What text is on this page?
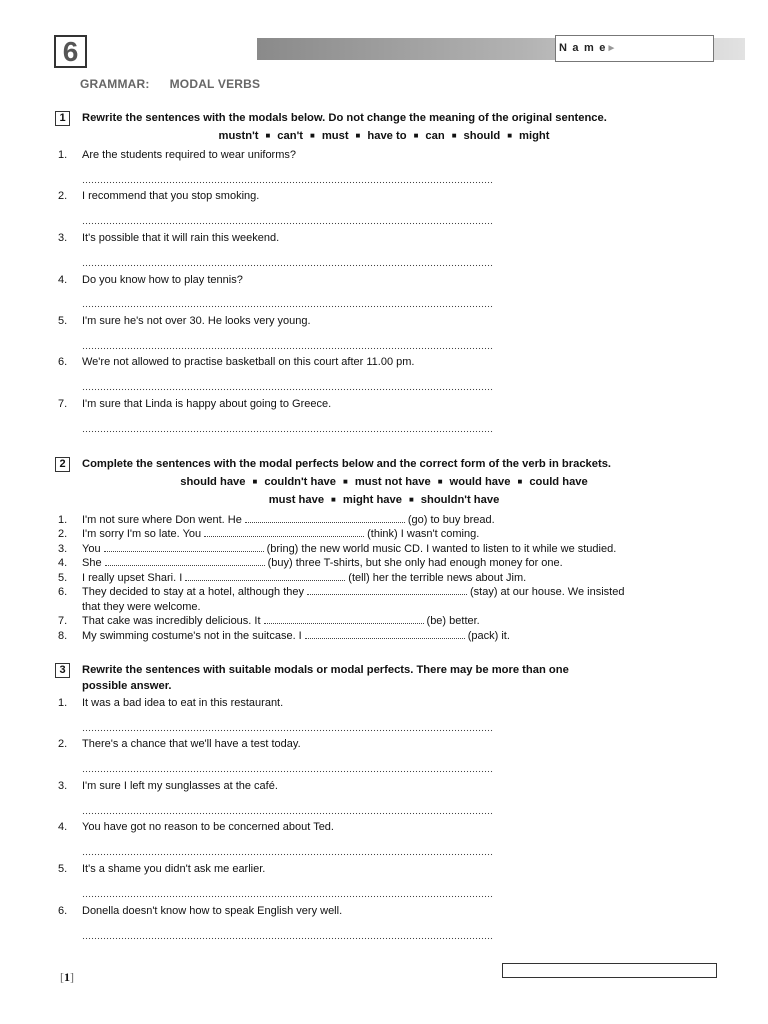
6	N a m e►
GRAMMAR: MODAL VERBS
1	Rewrite the sentences with the modals below. Do not change the meaning of the original sentence.
mustn't ■ can't ■ must ■ have to ■ can ■ should ■ might
1. Are the students required to wear uniforms?
2. I recommend that you stop smoking.
3. It's possible that it will rain this weekend.
4. Do you know how to play tennis?
5. I'm sure he's not over 30. He looks very young.
6. We're not allowed to practise basketball on this court after 11.00 pm.
7. I'm sure that Linda is happy about going to Greece.
2	Complete the sentences with the modal perfects below and the correct form of the verb in brackets.
should have ■ couldn't have ■ must not have ■ would have ■ could have
must have ■ might have ■ shouldn't have
1. I'm not sure where Don went. He	(go) to buy bread.
2. I'm sorry I'm so late. You	(think) I wasn't coming.
3. You	(bring) the new world music CD. I wanted to listen to it while we studied.
4. She	(buy) three T-shirts, but she only had enough money for one.
5. I really upset Shari. I	(tell) her the terrible news about Jim.
6. They decided to stay at a hotel, although they	(stay) at our house. We insisted
that they were welcome.
7. That cake was incredibly delicious. It	(be) better.
8. My swimming costume's not in the suitcase. I	(pack) it.
3	Rewrite the sentences with suitable modals or modal perfects. There may be more than one
possible answer.
1. It was a bad idea to eat in this restaurant.
2. There's a chance that we'll have a test today.
3. I'm sure I left my sunglasses at the café.
4. You have got no reason to be concerned about Ted.
5. It's a shame you didn't ask me earlier.
6. Donella doesn't know how to speak English very well.
[1]
